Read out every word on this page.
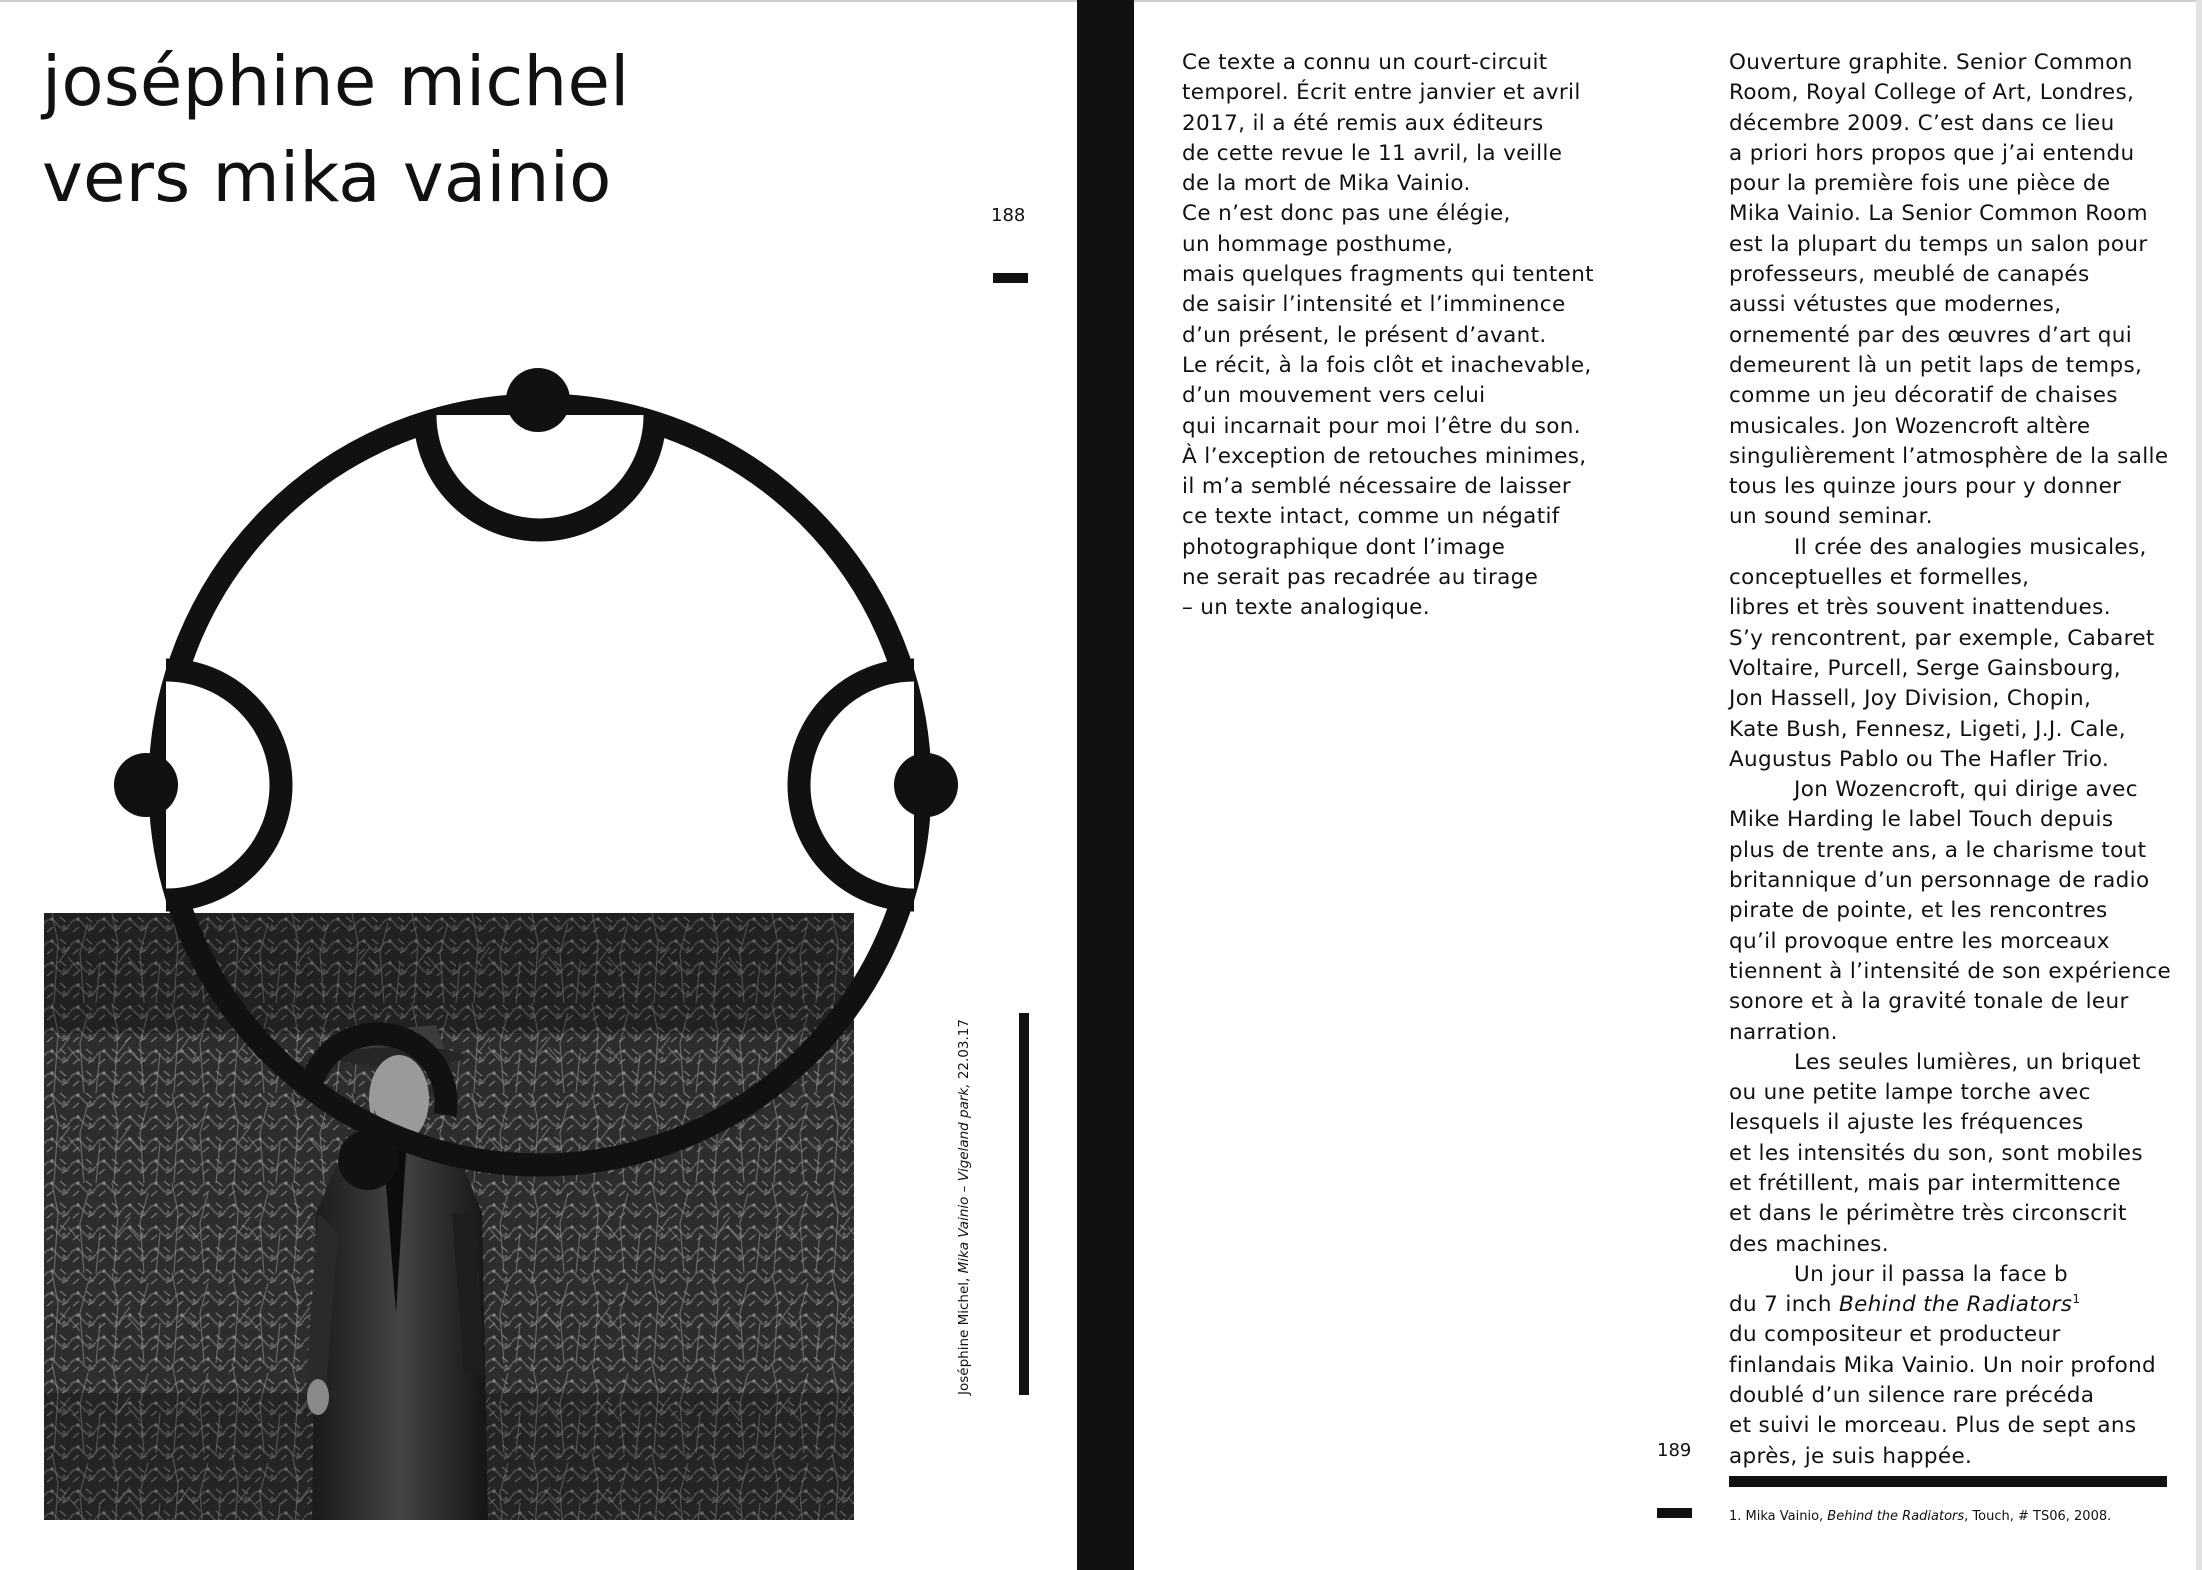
joséphine michel
vers mika vainio	188
Joséphine Michel, Mika Vainio – Vigeland park, 22.03.17
Ce texte a connu un court-circuit
temporel. Écrit entre janvier et avril
2017, il a été remis aux éditeurs
de cette revue le 11 avril, la veille
de la mort de Mika Vainio.
Ce n’est donc pas une élégie,
un hommage posthume,
mais quelques fragments qui tentent
de saisir l’intensité et l’imminence
d’un présent, le présent d’avant.
Le récit, à la fois clôt et inachevable,
d’un mouvement vers celui
qui incarnait pour moi l’être du son.
À l’exception de retouches minimes,
il m’a semblé nécessaire de laisser
ce texte intact, comme un négatif
photographique dont l’image
ne serait pas recadrée au tirage
– un texte analogique.
Ouverture graphite. Senior Common
Room, Royal College of Art, Londres,
décembre 2009. C’est dans ce lieu
a priori hors propos que j’ai entendu
pour la première fois une pièce de
Mika Vainio. La Senior Common Room
est la plupart du temps un salon pour
professeurs, meublé de canapés
aussi vétustes que modernes,
ornementé par des œuvres d’art qui
demeurent là un petit laps de temps,
comme un jeu décoratif de chaises
musicales. Jon Wozencroft altère
singulièrement l’atmosphère de la salle
tous les quinze jours pour y donner
un sound seminar.
Il crée des analogies musicales,
conceptuelles et formelles,
libres et très souvent inattendues.
S’y rencontrent, par exemple, Cabaret
Voltaire, Purcell, Serge Gainsbourg,
Jon Hassell, Joy Division, Chopin,
Kate Bush, Fennesz, Ligeti, J.J. Cale,
Augustus Pablo ou The Hafler Trio.
Jon Wozencroft, qui dirige avec
Mike Harding le label Touch depuis
plus de trente ans, a le charisme tout
britannique d’un personnage de radio
pirate de pointe, et les rencontres
qu’il provoque entre les morceaux
tiennent à l’intensité de son expérience
sonore et à la gravité tonale de leur
narration.
Les seules lumières, un briquet
ou une petite lampe torche avec
lesquels il ajuste les fréquences
et les intensités du son, sont mobiles
et frétillent, mais par intermittence
et dans le périmètre très circonscrit
des machines.
Un jour il passa la face b
du 7 inch Behind the Radiators$^1$
du compositeur et producteur
finlandais Mika Vainio. Un noir profond
doublé d’un silence rare précéda
et suivi le morceau. Plus de sept ans
après, je suis happée.
189
1. Mika Vainio, Behind the Radiators, Touch, # TS06, 2008.
